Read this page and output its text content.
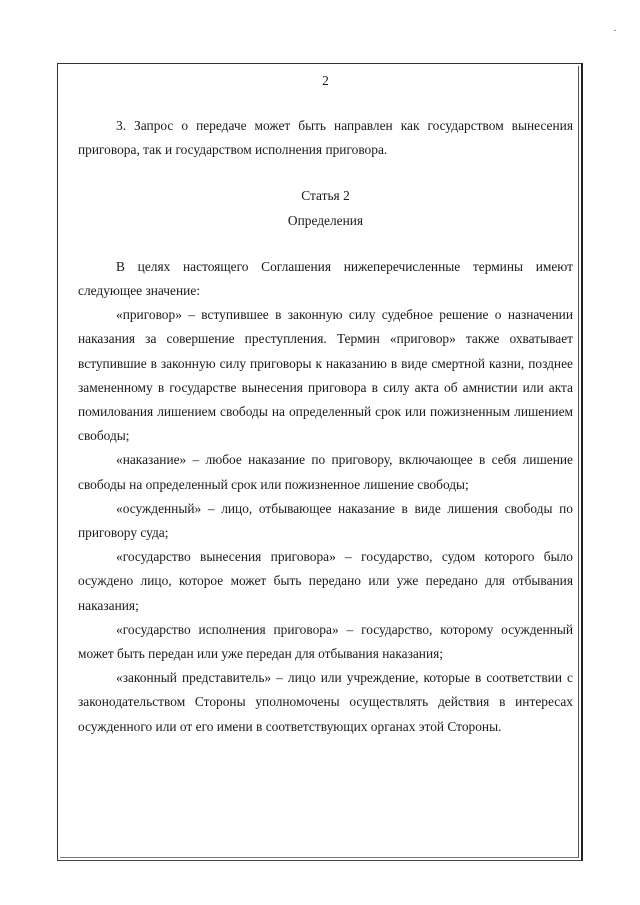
2

3. Запрос о передаче может быть направлен как государством вынесения приговора, так и государством исполнения приговора.

Статья 2

Определения

В целях настоящего Соглашения нижеперечисленные термины имеют следующее значение:

«приговор» – вступившее в законную силу судебное решение о назначении наказания за совершение преступления. Термин «приговор» также охватывает вступившие в законную силу приговоры к наказанию в виде смертной казни, позднее замененному в государстве вынесения приговора в силу акта об амнистии или акта помилования лишением свободы на определенный срок или пожизненным лишением свободы;

«наказание» – любое наказание по приговору, включающее в себя лишение свободы на определенный срок или пожизненное лишение свободы;

«осужденный» – лицо, отбывающее наказание в виде лишения свободы по приговору суда;

«государство вынесения приговора» – государство, судом которого было осуждено лицо, которое может быть передано или уже передано для отбывания наказания;

«государство исполнения приговора» – государство, которому осужденный может быть передан или уже передан для отбывания наказания;

«законный представитель» – лицо или учреждение, которые в соответствии с законодательством Стороны уполномочены осуществлять действия в интересах осужденного или от его имени в соответствующих органах этой Стороны.
